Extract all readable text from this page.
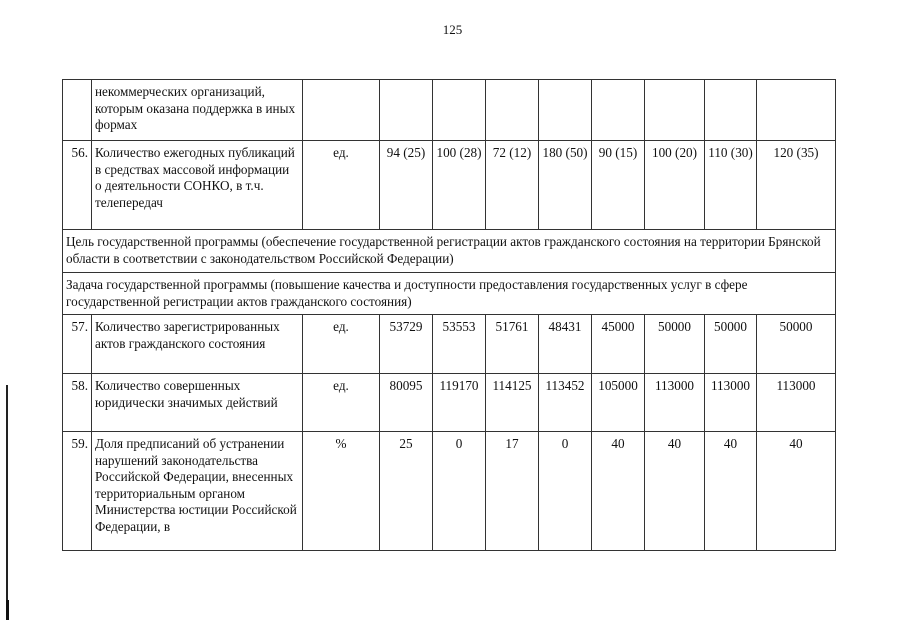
125
	некоммерческих организаций, которым оказана поддержка в иных формах									
56.	Количество ежегодных публикаций в средствах массовой информации о деятельности СОНКО, в т.ч. телепередач	ед.	94 (25)	100 (28)	72 (12)	180 (50)	90 (15)	100 (20)	110 (30)	120 (35)
Цель государственной программы (обеспечение государственной регистрации актов гражданского состояния на территории Брянской области в соответствии с законодательством Российской Федерации)										
Задача государственной программы (повышение качества и доступности предоставления государственных услуг в сфере государственной регистрации актов гражданского состояния)										
57.	Количество зарегистрированных актов гражданского состояния	ед.	53729	53553	51761	48431	45000	50000	50000	50000
58.	Количество совершенных юридически значимых действий	ед.	80095	119170	114125	113452	105000	113000	113000	113000
59.	Доля предписаний об устранении нарушений законодательства Российской Федерации, внесенных территориальным органом Министерства юстиции Российской Федерации, в	%	25	0	17	0	40	40	40	40
